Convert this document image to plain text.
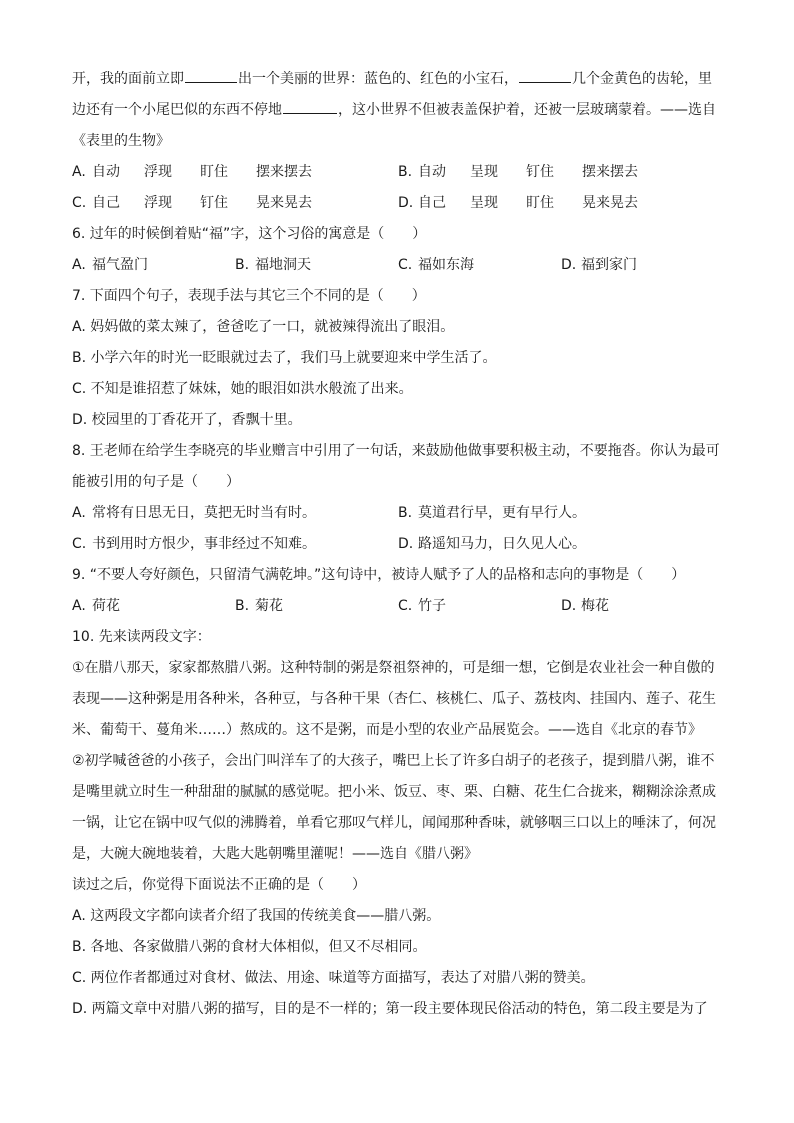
开，我的面前立即	出一个美丽的世界：蓝色的、红色的小宝石，	几个金黄色的齿轮，里
边还有一个小尾巴似的东西不停地	，这小世界不但被表盖保护着，还被一层玻璃蒙着。——选自
《表里的生物》
A. 自动	浮现	盯住	摆来摆去	B. 自动	呈现	钉住	摆来摆去
C. 自己	浮现	钉住	晃来晃去	D. 自己	呈现	盯住	晃来晃去
6. 过年的时候倒着贴“福”字，这个习俗的寓意是（　　）
A. 福气盈门	B. 福地洞天	C. 福如东海	D. 福到家门
7. 下面四个句子，表现手法与其它三个不同的是（　　）
A. 妈妈做的菜太辣了，爸爸吃了一口，就被辣得流出了眼泪。
B. 小学六年的时光一眨眼就过去了，我们马上就要迎来中学生活了。
C. 不知是谁招惹了妹妹，她的眼泪如洪水般流了出来。
D. 校园里的丁香花开了，香飘十里。
8. 王老师在给学生李晓亮的毕业赠言中引用了一句话，来鼓励他做事要积极主动，不要拖沓。你认为最可
能被引用的句子是（　　）
A. 常将有日思无日，莫把无时当有时。	B. 莫道君行早，更有早行人。
C. 书到用时方恨少，事非经过不知难。	D. 路遥知马力，日久见人心。
9. “不要人夸好颜色，只留清气满乾坤。”这句诗中，被诗人赋予了人的品格和志向的事物是（　　）
A. 荷花	B. 菊花	C. 竹子	D. 梅花
10. 先来读两段文字：
①在腊八那天，家家都熬腊八粥。这种特制的粥是祭祖祭神的，可是细一想，它倒是农业社会一种自傲的
表现——这种粥是用各种米，各种豆，与各种干果（杏仁、核桃仁、瓜子、荔枝肉、挂国内、莲子、花生
米、葡萄干、蔓角米……）熬成的。这不是粥，而是小型的农业产品展览会。——选自《北京的春节》
②初学喊爸爸的小孩子，会出门叫洋车了的大孩子，嘴巴上长了许多白胡子的老孩子，提到腊八粥，谁不
是嘴里就立时生一种甜甜的腻腻的感觉呢。把小米、饭豆、枣、栗、白糖、花生仁合拢来，糊糊涂涂煮成
一锅，让它在锅中叹气似的沸腾着，单看它那叹气样儿，闻闻那种香味，就够咽三口以上的唾沫了，何况
是，大碗大碗地装着，大匙大匙朝嘴里灌呢！——选自《腊八粥》
读过之后，你觉得下面说法不正确的是（　　）
A. 这两段文字都向读者介绍了我国的传统美食——腊八粥。
B. 各地、各家做腊八粥的食材大体相似，但又不尽相同。
C. 两位作者都通过对食材、做法、用途、味道等方面描写，表达了对腊八粥的赞美。
D. 两篇文章中对腊八粥的描写，目的是不一样的；第一段主要体现民俗活动的特色，第二段主要是为了
